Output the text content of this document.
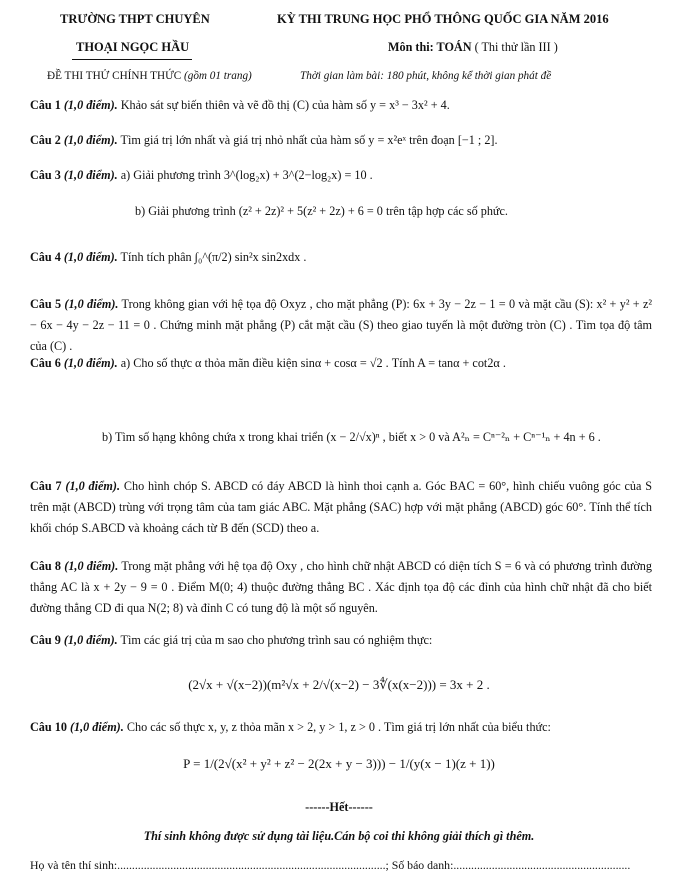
TRƯỜNG THPT CHUYÊN
THOẠI NGỌC HẦU
KỲ THI TRUNG HỌC PHỔ THÔNG QUỐC GIA NĂM 2016
Môn thi: TOÁN ( Thi thử lần III )
ĐỀ THI THỬ CHÍNH THỨC (gồm 01 trang)	Thời gian làm bài: 180 phút, không kể thời gian phát đề
Câu 1 (1,0 điểm). Khảo sát sự biến thiên và vẽ đồ thị (C) của hàm số y = x³ − 3x² + 4.
Câu 2 (1,0 điểm). Tìm giá trị lớn nhất và giá trị nhỏ nhất của hàm số y = x²eˣ trên đoạn [−1 ; 2].
Câu 3 (1,0 điểm). a) Giải phương trình 3^(log₂x) + 3^(2−log₂x) = 10 .
b) Giải phương trình (z² + 2z)² + 5(z² + 2z) + 6 = 0 trên tập hợp các số phức.
Câu 4 (1,0 điểm). Tính tích phân ∫₀^(π/2) sin²x sin2xdx .
Câu 5 (1,0 điểm). Trong không gian với hệ tọa độ Oxyz , cho mặt phẳng (P): 6x + 3y − 2z − 1 = 0 và mặt cầu (S): x² + y² + z² − 6x − 4y − 2z − 11 = 0 . Chứng minh mặt phẳng (P) cắt mặt cầu (S) theo giao tuyến là một đường tròn (C) . Tìm tọa độ tâm của (C) .
Câu 6 (1,0 điểm). a) Cho số thực α thỏa mãn điều kiện sinα + cosα = √2 . Tính A = tanα + cot2α .
b) Tìm số hạng không chứa x trong khai triển (x − 2/√x)ⁿ , biết x > 0 và A²ₙ = Cⁿ⁻²ₙ + Cⁿ⁻¹ₙ + 4n + 6 .
Câu 7 (1,0 điểm). Cho hình chóp S. ABCD có đáy ABCD là hình thoi cạnh a. Góc BAC = 60°, hình chiếu vuông góc của S trên mặt (ABCD) trùng với trọng tâm của tam giác ABC. Mặt phẳng (SAC) hợp với mặt phẳng (ABCD) góc 60°. Tính thể tích khối chóp S.ABCD và khoảng cách từ B đến (SCD) theo a.
Câu 8 (1,0 điểm). Trong mặt phẳng với hệ tọa độ Oxy , cho hình chữ nhật ABCD có diện tích S = 6 và có phương trình đường thẳng AC là x + 2y − 9 = 0 . Điểm M(0; 4) thuộc đường thẳng BC . Xác định tọa độ các đỉnh của hình chữ nhật đã cho biết đường thẳng CD đi qua N(2; 8) và đỉnh C có tung độ là một số nguyên.
Câu 9 (1,0 điểm). Tìm các giá trị của m sao cho phương trình sau có nghiệm thực:
(2√x + √(x−2))(m²√x + 2/√(x−2) − 3∜(x(x−2))) = 3x + 2 .
Câu 10 (1,0 điểm). Cho các số thực x, y, z thỏa mãn x > 2, y > 1, z > 0 . Tìm giá trị lớn nhất của biểu thức:
P = 1/(2√(x² + y² + z² − 2(2x + y − 3))) − 1/(y(x − 1)(z + 1))
------Hết------
Thí sinh không được sử dụng tài liệu.Cán bộ coi thi không giải thích gì thêm.
Họ và tên thí sinh:...........................................................................................; Số báo danh:............................................................
